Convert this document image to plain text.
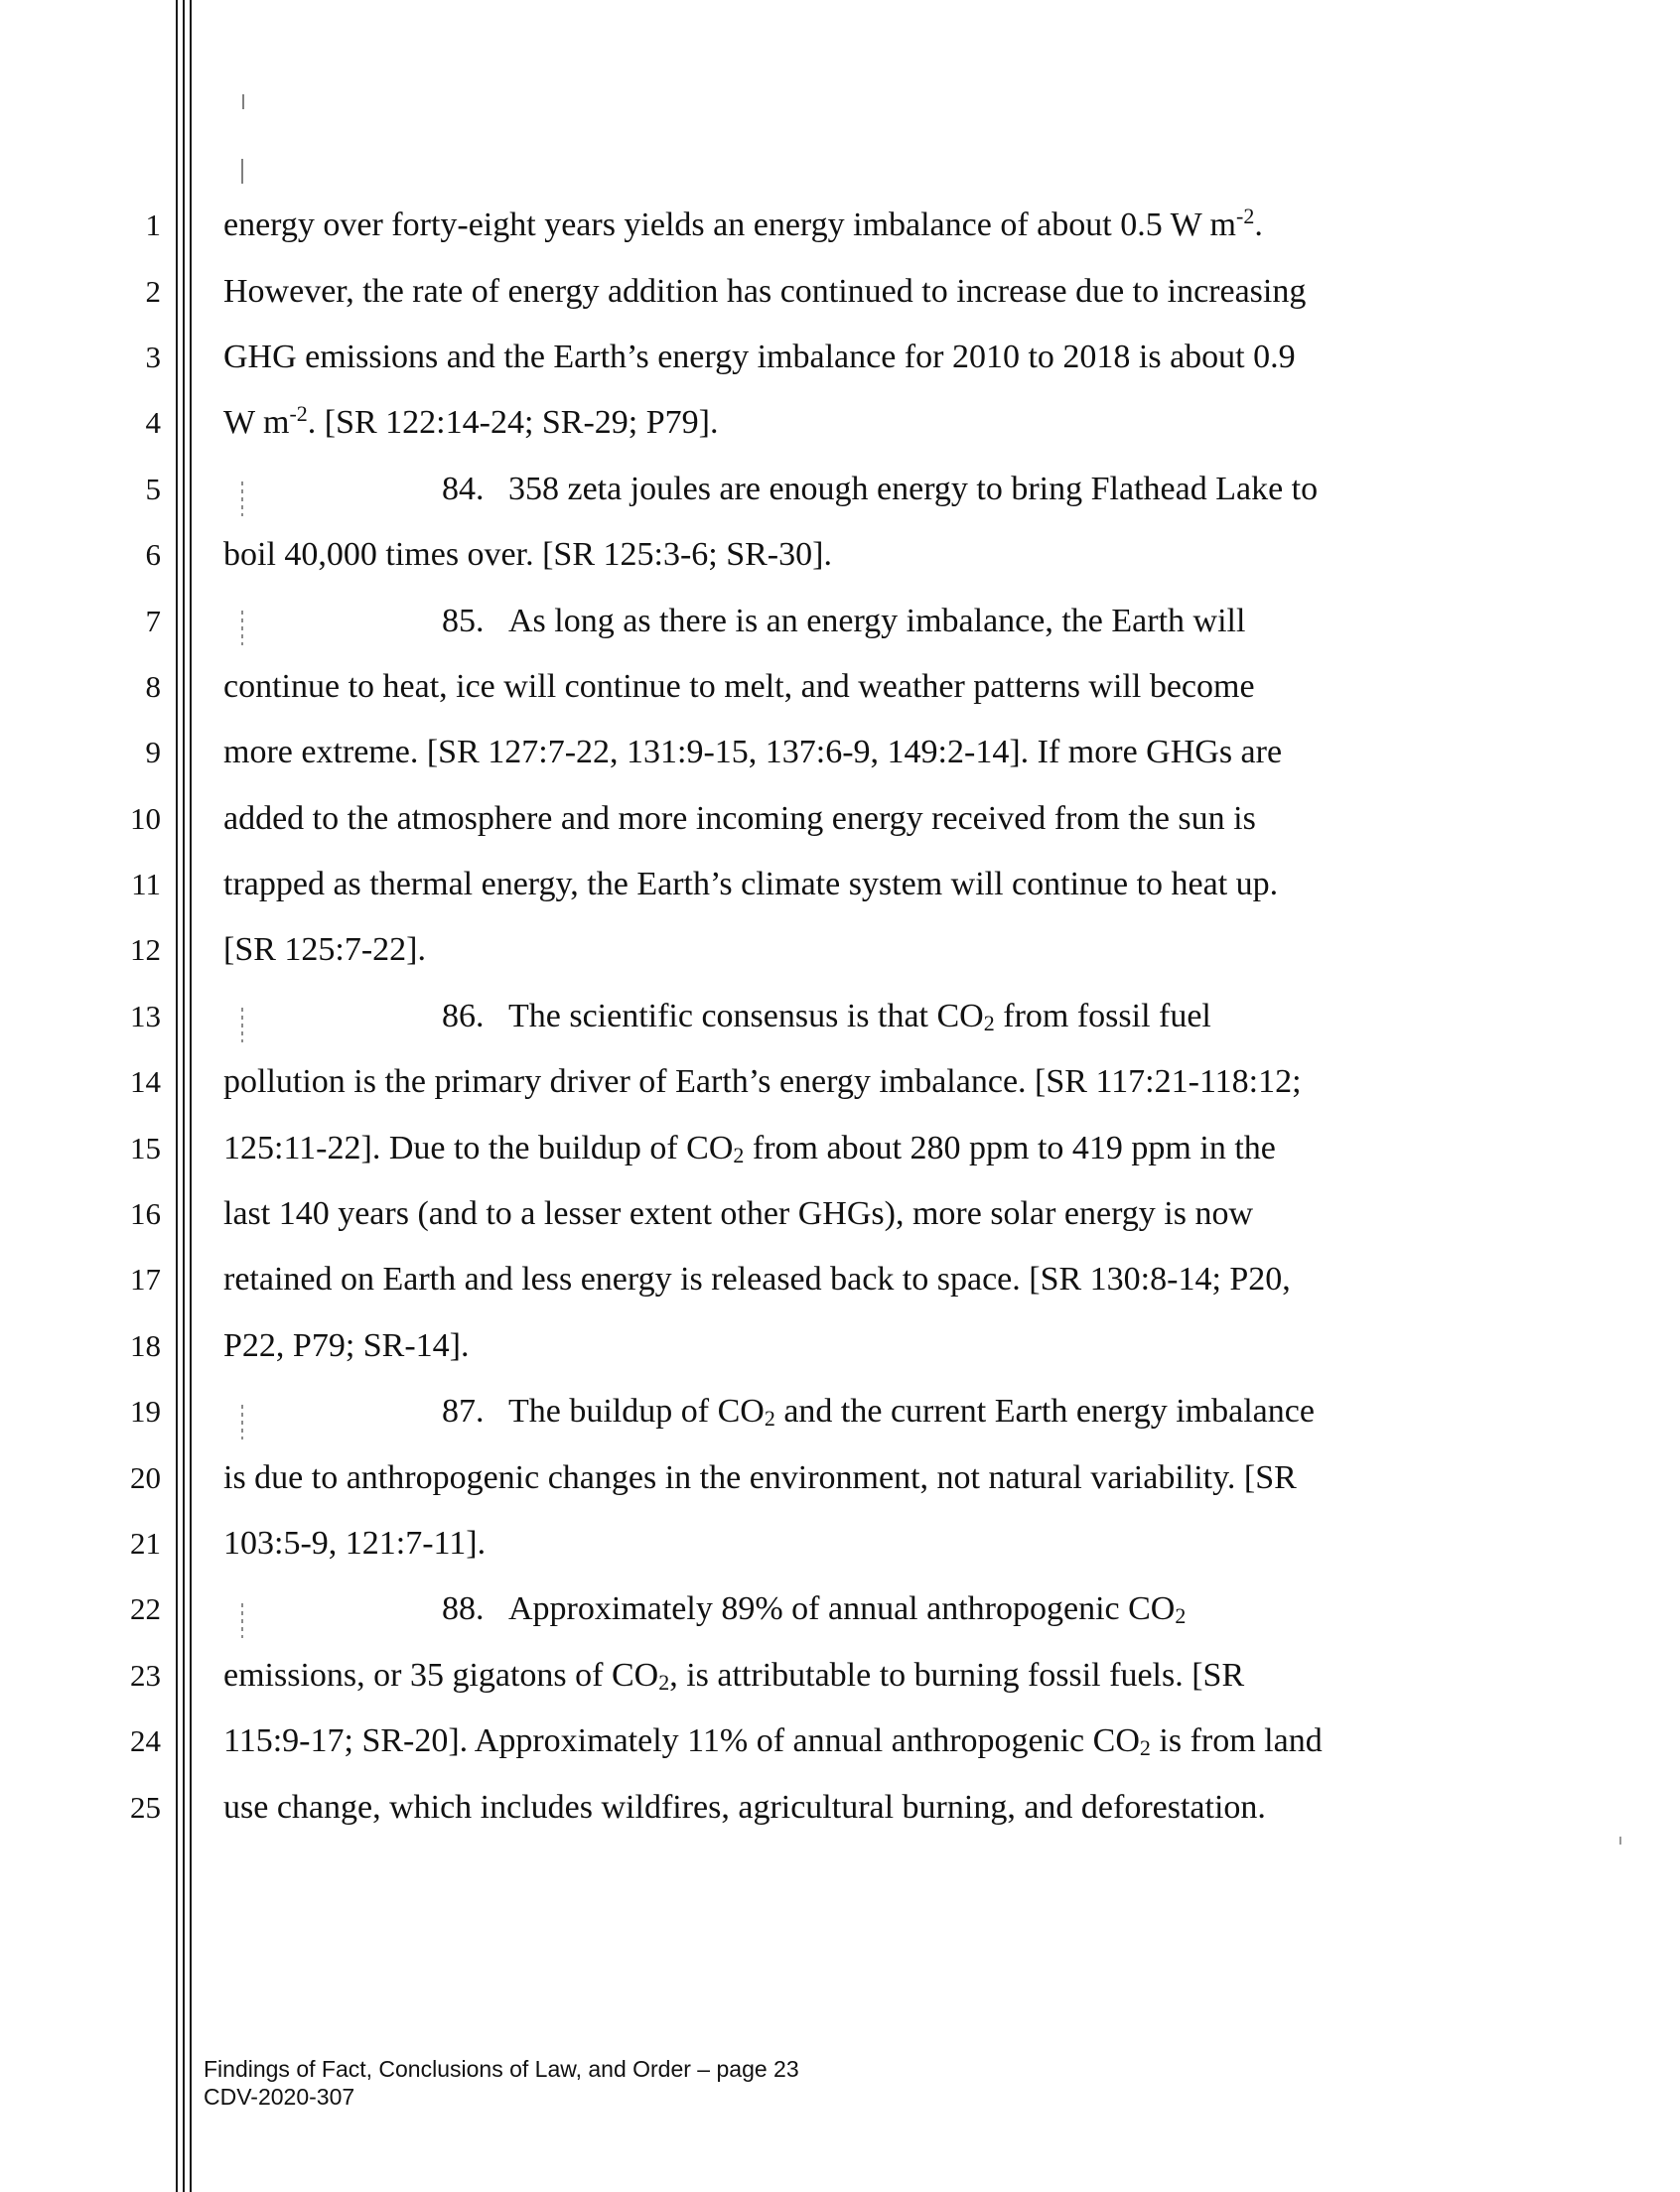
1
2
3
4
5
6
7
8
9
10
11
12
13
14
15
16
17
18
19
20
21
22
23
24
25
energy over forty-eight years yields an energy imbalance of about 0.5 W $m^{-2}$.
However, the rate of energy addition has continued to increase due to increasing
GHG emissions and the Earth’s energy imbalance for 2010 to 2018 is about 0.9
W $m^{-2}$. [SR 122:14-24; SR-29; P79].
84. 358 zeta joules are enough energy to bring Flathead Lake to
boil 40,000 times over. [SR 125:3-6; SR-30].
85. As long as there is an energy imbalance, the Earth will
continue to heat, ice will continue to melt, and weather patterns will become
more extreme. [SR 127:7-22, 131:9-15, 137:6-9, 149:2-14]. If more GHGs are
added to the atmosphere and more incoming energy received from the sun is
trapped as thermal energy, the Earth’s climate system will continue to heat up.
[SR 125:7-22].
86. The scientific consensus is that $CO_2$ from fossil fuel
pollution is the primary driver of Earth’s energy imbalance. [SR 117:21-118:12;
125:11-22]. Due to the buildup of $CO_2$ from about 280 ppm to 419 ppm in the
last 140 years (and to a lesser extent other GHGs), more solar energy is now
retained on Earth and less energy is released back to space. [SR 130:8-14; P20,
P22, P79; SR-14].
87. The buildup of $CO_2$ and the current Earth energy imbalance
is due to anthropogenic changes in the environment, not natural variability. [SR
103:5-9, 121:7-11].
88. Approximately 89% of annual anthropogenic $CO_2$
emissions, or 35 gigatons of $CO_2$, is attributable to burning fossil fuels. [SR
115:9-17; SR-20]. Approximately 11% of annual anthropogenic $CO_2$ is from land
use change, which includes wildfires, agricultural burning, and deforestation.
Findings of Fact, Conclusions of Law, and Order – page 23
CDV-2020-307
